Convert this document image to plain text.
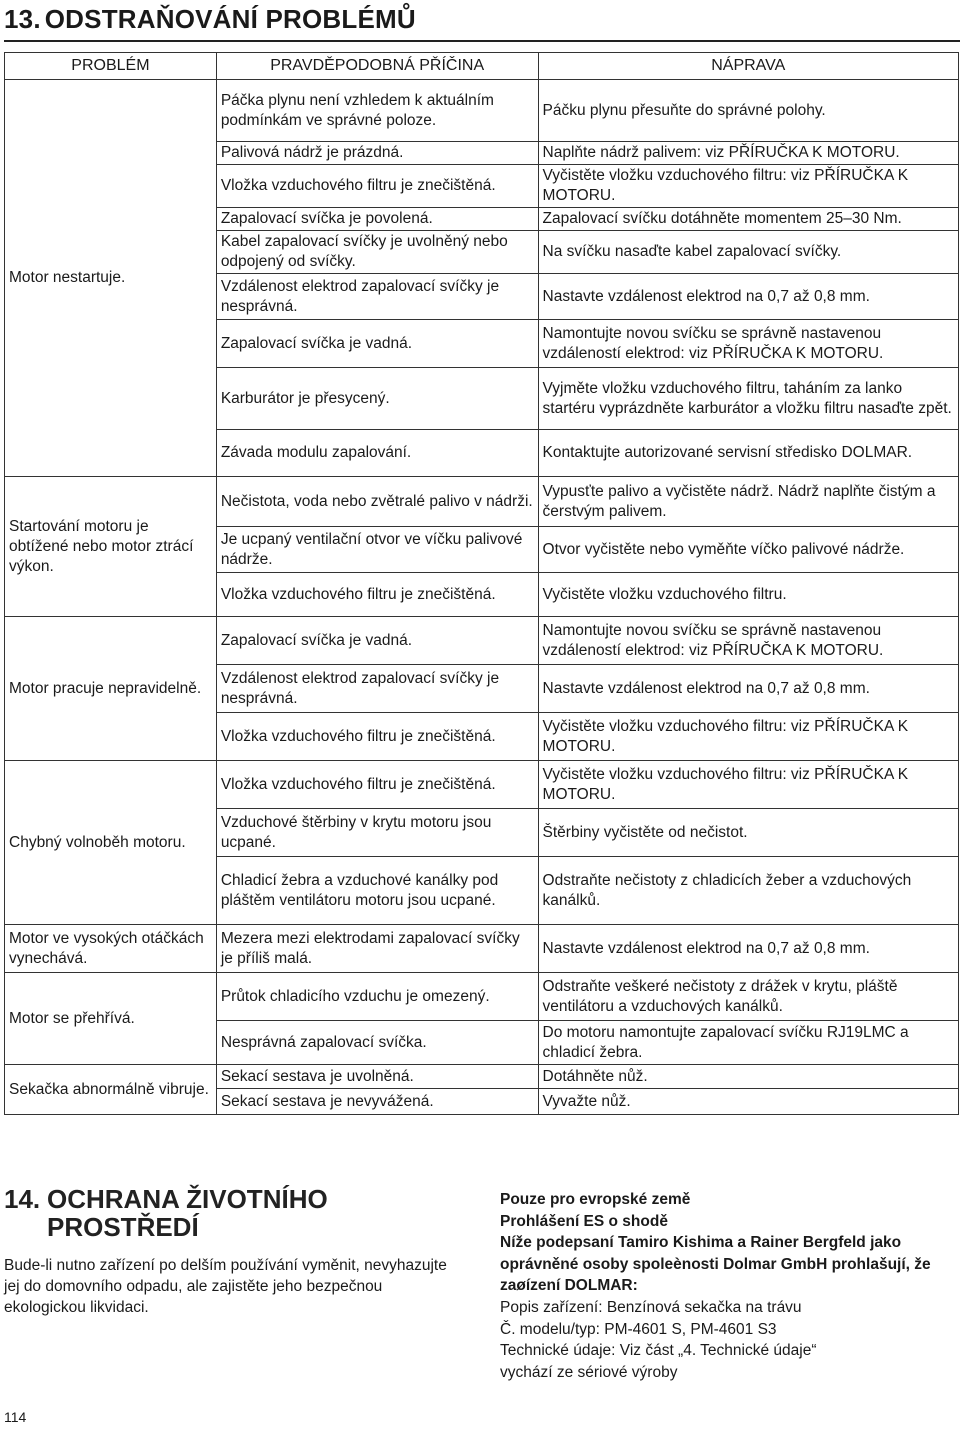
13. ODSTRAŇOVÁNÍ PROBLÉMŮ
PROBLÉM	PRAVDĚPODOBNÁ PŘÍČINA	NÁPRAVA
Motor nestartuje.	Páčka plynu není vzhledem k aktuálním podmínkám ve správné poloze.	Páčku plynu přesuňte do správné polohy.
	Palivová nádrž je prázdná.	Naplňte nádrž palivem: viz PŘÍRUČKA K MOTORU.
	Vložka vzduchového filtru je znečištěná.	Vyčistěte vložku vzduchového filtru: viz PŘÍRUČKA K MOTORU.
	Zapalovací svíčka je povolená.	Zapalovací svíčku dotáhněte momentem 25–30 Nm.
	Kabel zapalovací svíčky je uvolněný nebo odpojený od svíčky.	Na svíčku nasaďte kabel zapalovací svíčky.
	Vzdálenost elektrod zapalovací svíčky je nesprávná.	Nastavte vzdálenost elektrod na 0,7 až 0,8 mm.
	Zapalovací svíčka je vadná.	Namontujte novou svíčku se správně nastavenou vzdáleností elektrod: viz PŘÍRUČKA K MOTORU.
	Karburátor je přesycený.	Vyjměte vložku vzduchového filtru, taháním za lanko startéru vyprázdněte karburátor a vložku filtru nasaďte zpět.
	Závada modulu zapalování.	Kontaktujte autorizované servisní středisko DOLMAR.
Startování motoru je obtížené nebo motor ztrácí výkon.	Nečistota, voda nebo zvětralé palivo v nádrži.	Vypusťte palivo a vyčistěte nádrž. Nádrž naplňte čistým a čerstvým palivem.
	Je ucpaný ventilační otvor ve víčku palivové nádrže.	Otvor vyčistěte nebo vyměňte víčko palivové nádrže.
	Vložka vzduchového filtru je znečištěná.	Vyčistěte vložku vzduchového filtru.
Motor pracuje nepravidelně.	Zapalovací svíčka je vadná.	Namontujte novou svíčku se správně nastavenou vzdáleností elektrod: viz PŘÍRUČKA K MOTORU.
	Vzdálenost elektrod zapalovací svíčky je nesprávná.	Nastavte vzdálenost elektrod na 0,7 až 0,8 mm.
	Vložka vzduchového filtru je znečištěná.	Vyčistěte vložku vzduchového filtru: viz PŘÍRUČKA K MOTORU.
Chybný volnoběh motoru.	Vložka vzduchového filtru je znečištěná.	Vyčistěte vložku vzduchového filtru: viz PŘÍRUČKA K MOTORU.
	Vzduchové štěrbiny v krytu motoru jsou ucpané.	Štěrbiny vyčistěte od nečistot.
	Chladicí žebra a vzduchové kanálky pod pláštěm ventilátoru motoru jsou ucpané.	Odstraňte nečistoty z chladicích žeber a vzduchových kanálků.
Motor ve vysokých otáčkách vynechává.	Mezera mezi elektrodami zapalovací svíčky je příliš malá.	Nastavte vzdálenost elektrod na 0,7 až 0,8 mm.
Motor se přehřívá.	Průtok chladicího vzduchu je omezený.	Odstraňte veškeré nečistoty z drážek v krytu, pláště ventilátoru a vzduchových kanálků.
	Nesprávná zapalovací svíčka.	Do motoru namontujte zapalovací svíčku RJ19LMC a chladicí žebra.
Sekačka abnormálně vibruje.	Sekací sestava je uvolněná.	Dotáhněte nůž.
	Sekací sestava je nevyvážená.	Vyvažte nůž.
14. OCHRANA ŽIVOTNÍHO
PROSTŘEDÍ
Bude-li nutno zařízení po delším používání vyměnit, nevyhazujte jej do domovního odpadu, ale zajistěte jeho bezpečnou ekologickou likvidaci.
Pouze pro evropské země
Prohlášení ES o shodě
Níže podepsaní Tamiro Kishima a Rainer Bergfeld jako oprávněné osoby spoleènosti Dolmar GmbH prohlašují, že zaøízení DOLMAR:
Popis zařízení: Benzínová sekačka na trávu
Č. modelu/typ: PM-4601 S, PM-4601 S3
Technické údaje: Viz část „4. Technické údaje“
vychází ze sériové výroby
114
